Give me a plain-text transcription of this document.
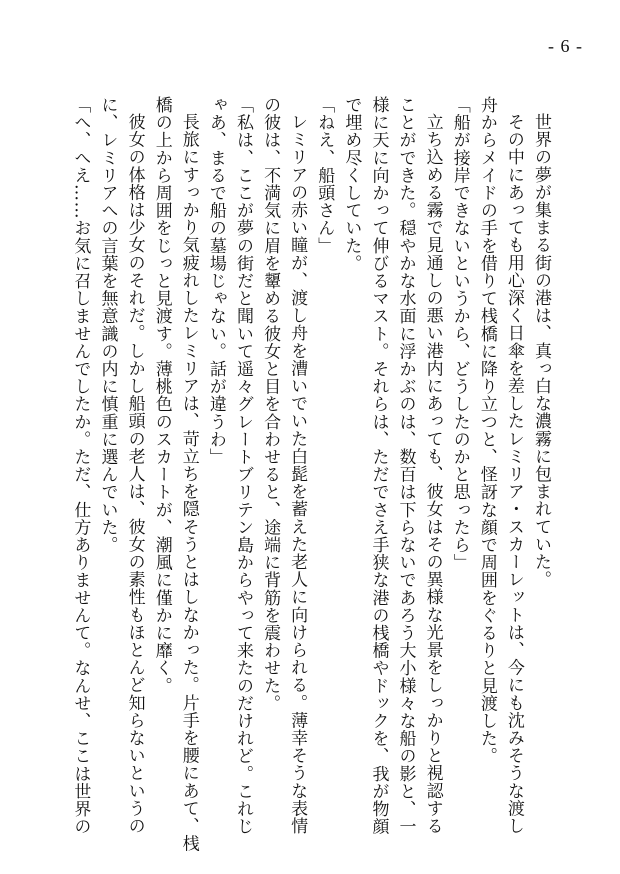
- 6 -

世界の夢が集まる街の港は、真っ白な濃霧に包まれていた。

その中にあっても用心深く日傘を差したレミリア・スカーレットは、今にも沈みそうな渡し

舟からメイドの手を借りて桟橋に降り立つと、怪訝な顔で周囲をぐるりと見渡した。

「船が接岸できないというから、どうしたのかと思ったら」

立ち込める霧で見通しの悪い港内にあっても、彼女はその異様な光景をしっかりと視認する

ことができた。穏やかな水面に浮かぶのは、数百は下らないであろう大小様々な船の影と、一

様に天に向かって伸びるマスト。それらは、ただでさえ手狭な港の桟橋やドックを、我が物顔

で埋め尽くしていた。

「ねえ、船頭さん」

レミリアの赤い瞳が、渡し舟を漕いでいた白髭を蓄えた老人に向けられる。薄幸そうな表情

の彼は、不満気に眉を顰める彼女と目を合わせると、途端に背筋を震わせた。

「私は、ここが夢の街だと聞いて遥々グレートブリテン島からやって来たのだけれど。これじ

ゃあ、まるで船の墓場じゃない。話が違うわ」

長旅にすっかり気疲れしたレミリアは、苛立ちを隠そうとはしなかった。片手を腰にあて、桟

橋の上から周囲をじっと見渡す。薄桃色のスカートが、潮風に僅かに靡く。

彼女の体格は少女のそれだ。しかし船頭の老人は、彼女の素性もほとんど知らないというの

に、レミリアへの言葉を無意識の内に慎重に選んでいた。

「へ、へえ……お気に召しませんでしたか。ただ、仕方ありませんて。なんせ、ここは世界の
